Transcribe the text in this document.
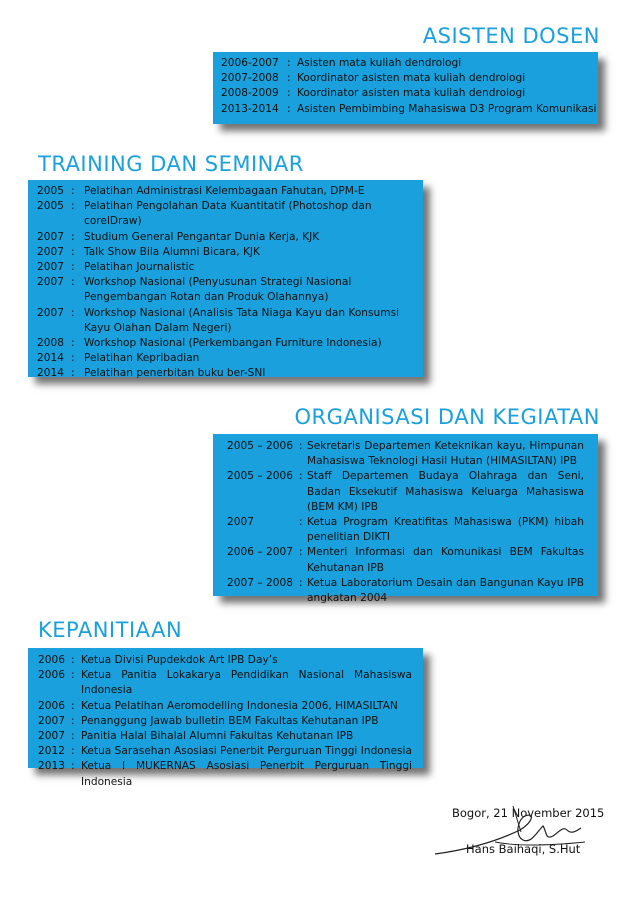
ASISTEN DOSEN
2006-2007 : Asisten mata kuliah dendrologi
2007-2008 : Koordinator asisten mata kuliah dendrologi
2008-2009 : Koordinator asisten mata kuliah dendrologi
2013-2014 : Asisten Pembimbing Mahasiswa D3 Program Komunikasi
TRAINING DAN SEMINAR
2005 : Pelatihan Administrasi Kelembagaan Fahutan, DPM-E
2005 : Pelatihan Pengolahan Data Kuantitatif (Photoshop dan corelDraw)
2007 : Studium General Pengantar Dunia Kerja, KJK
2007 : Talk Show Bila Alumni Bicara, KJK
2007 : Pelatihan Journalistic
2007 : Workshop Nasional (Penyusunan Strategi Nasional Pengembangan Rotan dan Produk Olahannya)
2007 : Workshop Nasional (Analisis Tata Niaga Kayu dan Konsumsi Kayu Olahan Dalam Negeri)
2008 : Workshop Nasional (Perkembangan Furniture Indonesia)
2014 : Pelatihan Kepribadian
2014 : Pelatihan penerbitan buku ber-SNI
ORGANISASI DAN KEGIATAN
2005 – 2006 : Sekretaris Departemen Keteknikan kayu, Himpunan Mahasiswa Teknologi Hasil Hutan (HIMASILTAN) IPB
2005 – 2006 : Staff Departemen Budaya Olahraga dan Seni, Badan Eksekutif Mahasiswa Keluarga Mahasiswa (BEM KM) IPB
2007	: Ketua Program Kreatifitas Mahasiswa (PKM) hibah penelitian DIKTI
2006 – 2007 : Menteri Informasi dan Komunikasi BEM Fakultas Kehutanan IPB
2007 – 2008 : Ketua Laboratorium Desain dan Bangunan Kayu IPB angkatan 2004
KEPANITIAAN
2006 : Ketua Divisi Pupdekdok Art IPB Day’s
2006 : Ketua Panitia Lokakarya Pendidikan Nasional Mahasiswa Indonesia
2006 : Ketua Pelatihan Aeromodelling Indonesia 2006, HIMASILTAN
2007 : Penanggung Jawab bulletin BEM Fakultas Kehutanan IPB
2007 : Panitia Halal Bihalal Alumni Fakultas Kehutanan IPB
2012 : Ketua Sarasehan Asosiasi Penerbit Perguruan Tinggi Indonesia
2013 : Ketua I MUKERNAS Asosiasi Penerbit Perguruan Tinggi Indonesia
Bogor, 21 November 2015
Hans Baihaqi, S.Hut
